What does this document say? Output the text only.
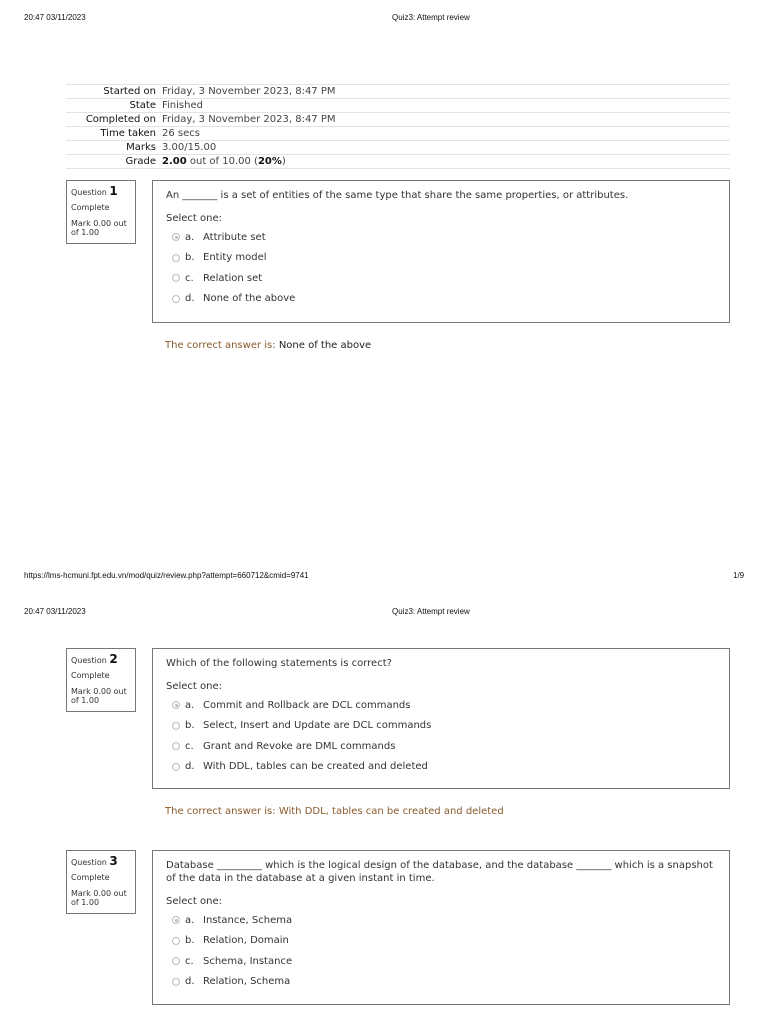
20:47 03/11/2023	Quiz3: Attempt review
Started on Friday, 3 November 2023, 8:47 PM
State Finished
Completed on Friday, 3 November 2023, 8:47 PM
Time taken 26 secs
Marks 3.00/15.00
Grade 2.00 out of 10.00 (20%)
Question 1
Complete
Mark 0.00 out of 1.00
An _______ is a set of entities of the same type that share the same properties, or attributes.
Select one:
a. Attribute set
b. Entity model
c. Relation set
d. None of the above
The correct answer is: None of the above
https://lms-hcmuni.fpt.edu.vn/mod/quiz/review.php?attempt=660712&cmid=9741	1/9
20:47 03/11/2023	Quiz3: Attempt review
Question 2
Complete
Mark 0.00 out of 1.00
Which of the following statements is correct?
Select one:
a. Commit and Rollback are DCL commands
b. Select, Insert and Update are DCL commands
c. Grant and Revoke are DML commands
d. With DDL, tables can be created and deleted
The correct answer is: With DDL, tables can be created and deleted
Question 3
Complete
Mark 0.00 out of 1.00
Database _________ which is the logical design of the database, and the database _______ which is a snapshot of the data in the database at a given instant in time.
Select one:
a. Instance, Schema
b. Relation, Domain
c. Schema, Instance
d. Relation, Schema
